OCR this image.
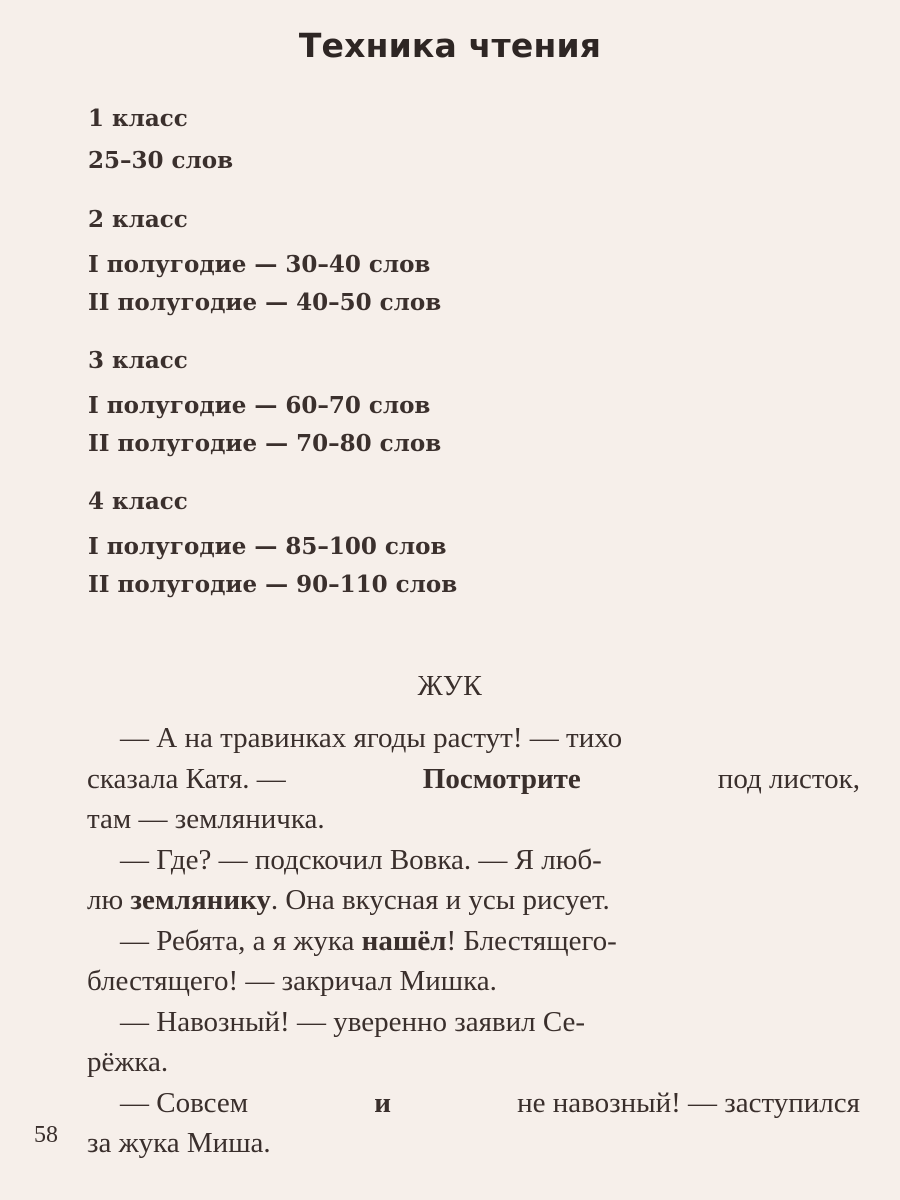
Техника чтения
1 класс
25–30 слов
2 класс
I полугодие — 30–40 слов
II полугодие — 40–50 слов
3 класс
I полугодие — 60–70 слов
II полугодие — 70–80 слов
4 класс
I полугодие — 85–100 слов
II полугодие — 90–110 слов
ЖУК
— А на травинках ягоды растут! — тихо
сказала Катя. —	Посмотрите	под листок,
там — земляничка.
— Где? — подскочил Вовка. — Я люб-
лю
землянику . Она вкусная и усы рисует.
— Ребята, а я жука
нашёл ! Блестящего-
блестящего! — закричал Мишка.
— Навозный! — уверенно заявил Се-
рёжка.
— Совсем	и	не навозный! — заступился
за жука Миша.
58
